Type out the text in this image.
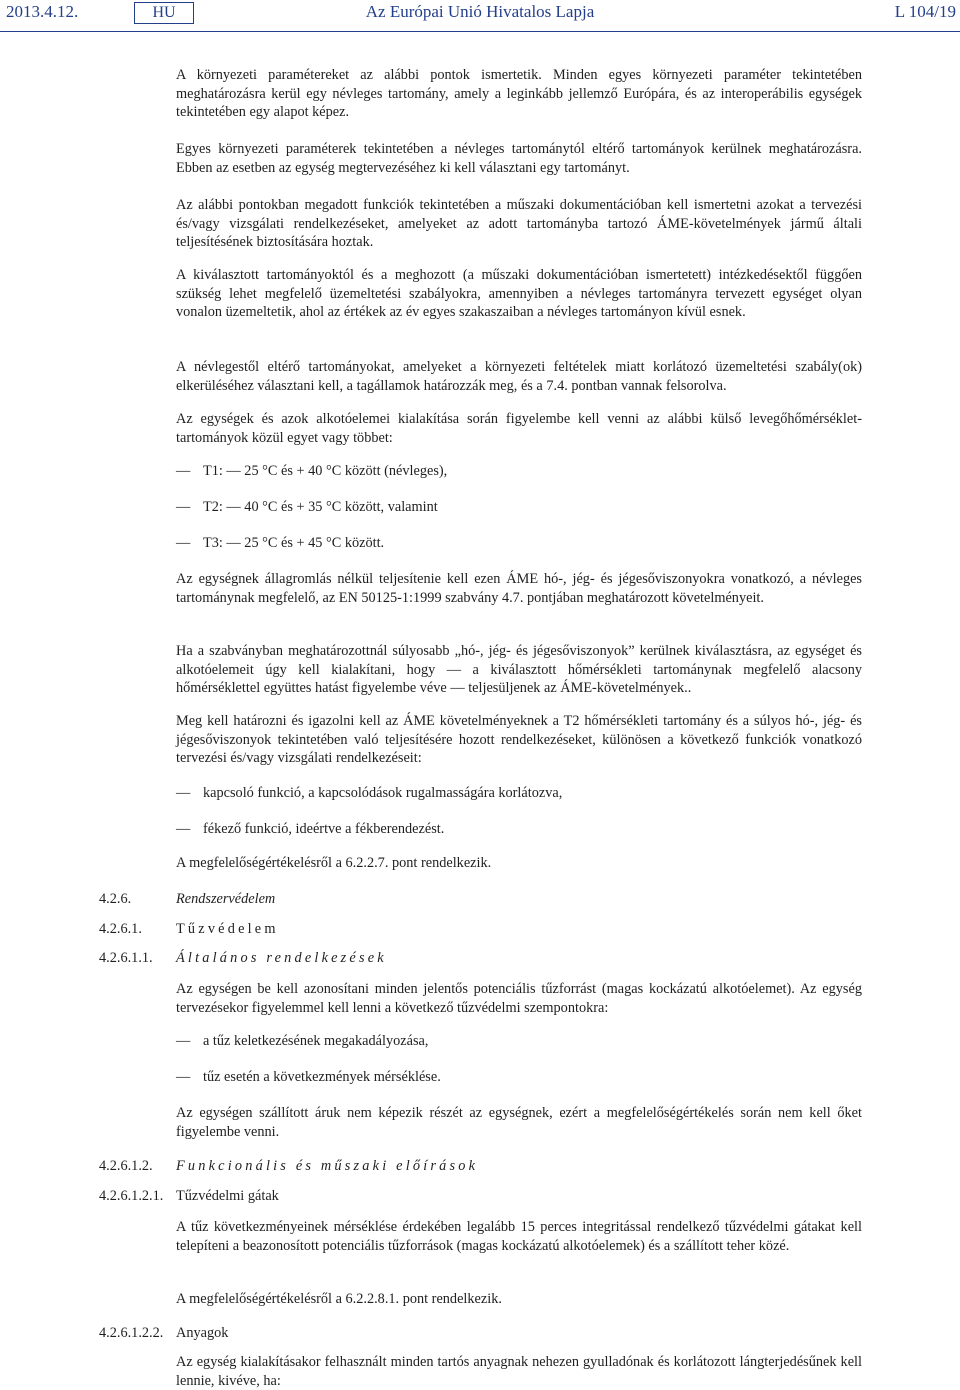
2013.4.12.	HU	Az Európai Unió Hivatalos Lapja	L 104/19

A környezeti paramétereket az alábbi pontok ismertetik. Minden egyes környezeti paraméter tekintetében meghatározásra kerül egy névleges tartomány, amely a leginkább jellemző Európára, és az interoperábilis egységek tekintetében egy alapot képez.

Egyes környezeti paraméterek tekintetében a névleges tartománytól eltérő tartományok kerülnek meghatározásra. Ebben az esetben az egység megtervezéséhez ki kell választani egy tartományt.

Az alábbi pontokban megadott funkciók tekintetében a műszaki dokumentációban kell ismertetni azokat a tervezési és/vagy vizsgálati rendelkezéseket, amelyeket az adott tartományba tartozó ÁME-követelmények jármű általi teljesítésének biztosítására hoztak.

A kiválasztott tartományoktól és a meghozott (a műszaki dokumentációban ismertetett) intézkedésektől függően szükség lehet megfelelő üzemeltetési szabályokra, amennyiben a névleges tartományra tervezett egységet olyan vonalon üzemeltetik, ahol az értékek az év egyes szakaszaiban a névleges tartományon kívül esnek.

A névlegestől eltérő tartományokat, amelyeket a környezeti feltételek miatt korlátozó üzemeltetési szabály(ok) elkerüléséhez választani kell, a tagállamok határozzák meg, és a 7.4. pontban vannak felsorolva.

Az egységek és azok alkotóelemei kialakítása során figyelembe kell venni az alábbi külső levegőhőmérséklet-tartományok közül egyet vagy többet:

— T1: — 25 °C és + 40 °C között (névleges),
— T2: — 40 °C és + 35 °C között, valamint
— T3: — 25 °C és + 45 °C között.

Az egységnek állagromlás nélkül teljesítenie kell ezen ÁME hó-, jég- és jégesőviszonyokra vonatkozó, a névleges tartománynak megfelelő, az EN 50125-1:1999 szabvány 4.7. pontjában meghatározott követelményeit.

Ha a szabványban meghatározottnál súlyosabb „hó-, jég- és jégesőviszonyok” kerülnek kiválasztásra, az egységet és alkotóelemeit úgy kell kialakítani, hogy — a kiválasztott hőmérsékleti tartománynak megfelelő alacsony hőmérséklettel együttes hatást figyelembe véve — teljesüljenek az ÁME-követelmények..

Meg kell határozni és igazolni kell az ÁME követelményeknek a T2 hőmérsékleti tartomány és a súlyos hó-, jég- és jégesőviszonyok tekintetében való teljesítésére hozott rendelkezéseket, különösen a következő funkciók vonatkozó tervezési és/vagy vizsgálati rendelkezéseit:

— kapcsoló funkció, a kapcsolódások rugalmasságára korlátozva,
— fékező funkció, ideértve a fékberendezést.

A megfelelőségértékelésről a 6.2.2.7. pont rendelkezik.

4.2.6.	Rendszervédelem
4.2.6.1. Tűzvédelem
4.2.6.1.1. Általános rendelkezések

Az egységen be kell azonosítani minden jelentős potenciális tűzforrást (magas kockázatú alkotóelemet). Az egység tervezésekor figyelemmel kell lenni a következő tűzvédelmi szempontokra:

— a tűz keletkezésének megakadályozása,
— tűz esetén a következmények mérséklése.

Az egységen szállított áruk nem képezik részét az egységnek, ezért a megfelelőségértékelés során nem kell őket figyelembe venni.

4.2.6.1.2. Funkcionális és műszaki előírások
4.2.6.1.2.1. Tűzvédelmi gátak

A tűz következményeinek mérséklése érdekében legalább 15 perces integritással rendelkező tűzvédelmi gátakat kell telepíteni a beazonosított potenciális tűzforrások (magas kockázatú alkotóelemek) és a szállított teher közé.

A megfelelőségértékelésről a 6.2.2.8.1. pont rendelkezik.

4.2.6.1.2.2. Anyagok

Az egység kialakításakor felhasznált minden tartós anyagnak nehezen gyulladónak és korlátozott lángterjedésűnek kell lennie, kivéve, ha:
